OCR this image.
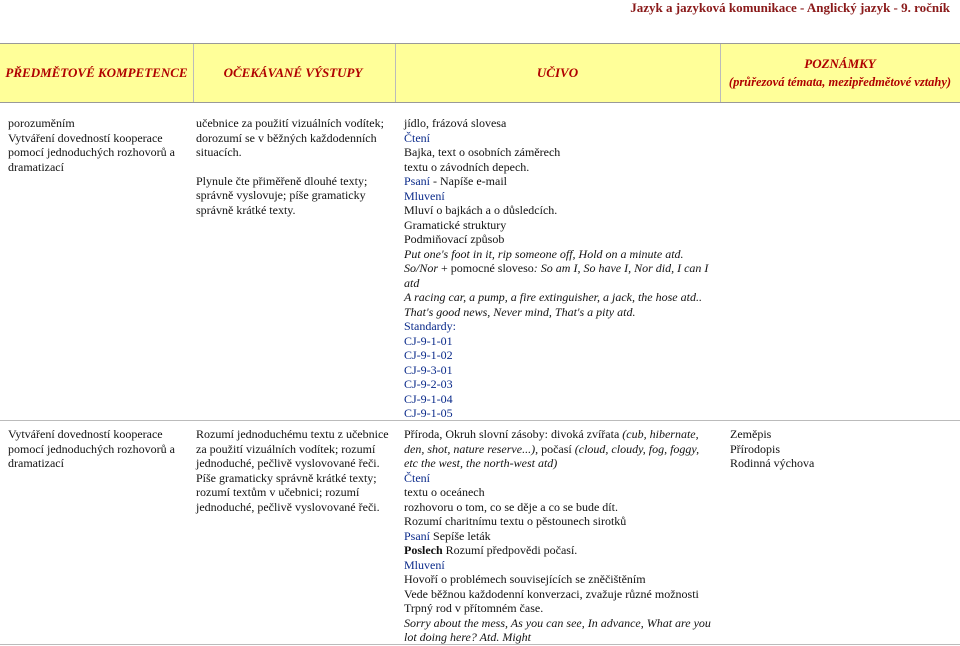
Jazyk a jazyková komunikace - Anglický jazyk - 9. ročník
PŘEDMĚTOVÉ KOMPETENCE	OČEKÁVANÉ VÝSTUPY	UČIVO
POZNÁMKY
(průřezová témata, mezipředmětové vztahy)

porozuměním

Vytváření dovedností kooperace pomocí jednoduchých rozhovorů a dramatizací

učebnice za použití vizuálních vodítek; dorozumí se v běžných každodenních situacích.

Plynule čte přiměřeně dlouhé texty; správně vyslovuje; píše gramaticky správně krátké texty.

jídlo, frázová slovesa

Čtení

Bajka, text o osobních záměrech

textu o závodních depech.

Psaní - Napíše e-mail

Mluvení

Mluví o bajkách a o důsledcích.

Gramatické struktury

Podmiňovací způsob

Put one's foot in it, rip someone off, Hold on a minute atd.

So/Nor + pomocné sloveso: So am I, So have I, Nor did, I can I atd

A racing car, a pump, a fire extinguisher, a jack, the hose atd.. That's good news, Never mind, That's a pity atd.

Standardy:

CJ-9-1-01

CJ-9-1-02

CJ-9-3-01

CJ-9-2-03

CJ-9-1-04

CJ-9-1-05

Vytváření dovedností kooperace pomocí jednoduchých rozhovorů a dramatizací

Rozumí jednoduchému textu z učebnice za použití vizuálních vodítek; rozumí jednoduché, pečlivě vyslovované řeči. Píše gramaticky správně krátké texty; rozumí textům v učebnici; rozumí jednoduché, pečlivě vyslovované řeči.

Příroda, Okruh slovní zásoby: divoká zvířata (cub, hibernate, den, shot, nature reserve...), počasí (cloud, cloudy, fog, foggy, etc the west, the north-west atd)

Čtení

textu o oceánech

rozhovoru o tom, co se děje a co se bude dít.

Rozumí charitnímu textu o pěstounech sirotků

Psaní Sepíše leták

Poslech Rozumí předpovědi počasí.

Mluvení

Hovoří o problémech souvisejících se zněčištěním

Vede běžnou každodenní konverzaci, zvažuje různé možnosti

Trpný rod v přítomném čase.

Sorry about the mess, As you can see, In advance, What are you lot doing here? Atd. Might

Zeměpis

Přírodopis

Rodinná výchova
